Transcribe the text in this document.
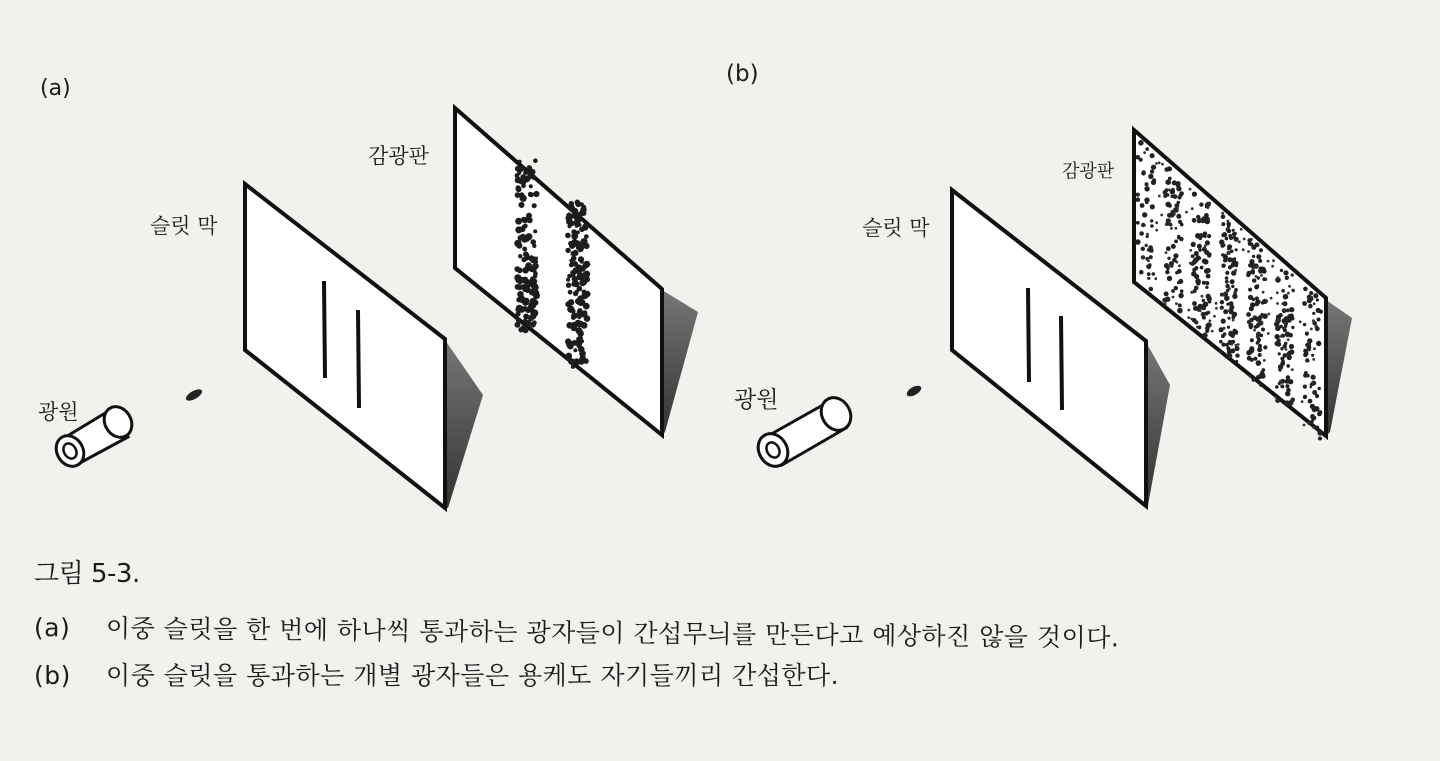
(a)
감광판
슬릿 막
광원
(b)
감광판
슬릿 막
광원
그림 5-3.
(a) 이중 슬릿을 한 번에 하나씩 통과하는 광자들이 간섭무늬를 만든다고 예상하진 않을 것이다.
(b) 이중 슬릿을 통과하는 개별 광자들은 용케도 자기들끼리 간섭한다.
